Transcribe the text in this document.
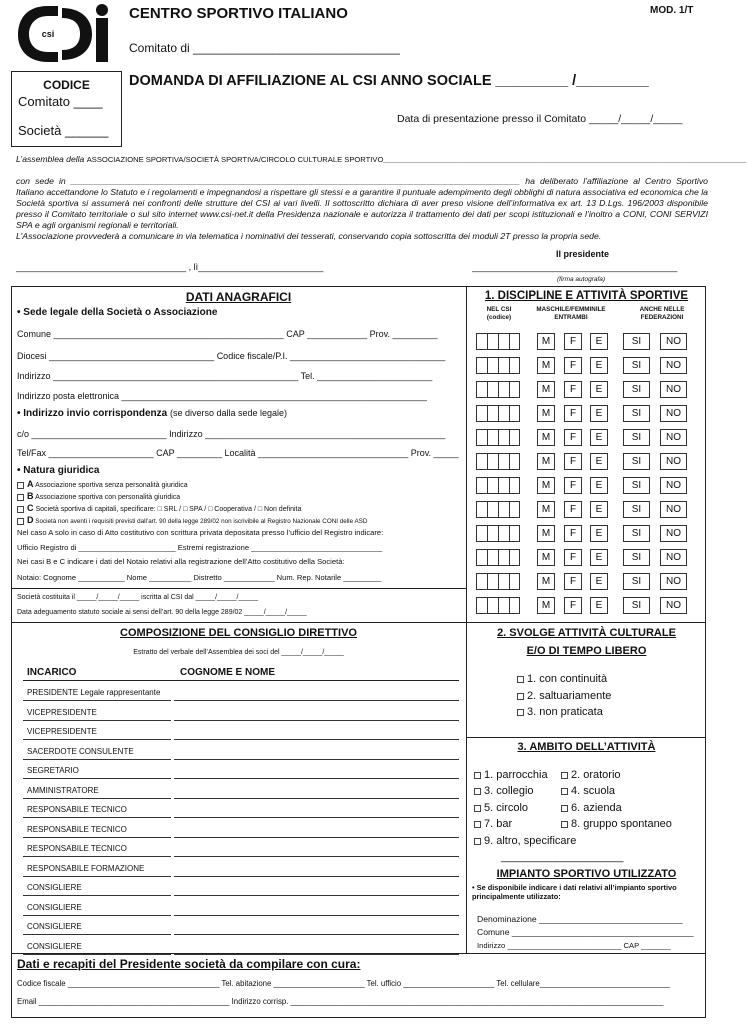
csi
CENTRO SPORTIVO ITALIANO	MOD. 1/T
Comitato di _______________________________
CODICE
Comitato ____
Società ______
DOMANDA DI AFFILIAZIONE AL CSI ANNO SOCIALE _________ /_________
Data di presentazione presso il Comitato _____/_____/_____
L’assemblea della ASSOCIAZIONE SPORTIVA/SOCIETÀ SPORTIVA/CIRCOLO CULTURALE SPORTIVO____________________________________________________________________________
con sede in _____________________________________________________________________________________________ ha deliberato l’affiliazione al Centro Sportivo Italiano accettandone lo Statuto e i regolamenti e impegnandosi a rispettare gli stessi e a garantire il puntuale adempimento degli obblighi di natura associativa ed economica che la Società sportiva si assumerà nei confronti delle strutture del CSI ai vari livelli. Il sottoscritto dichiara di aver preso visione dell’informativa ex art. 13 D.Lgs. 196/2003 disponibile presso il Comitato territoriale o sul sito internet www.csi-net.it della Presidenza nazionale e autorizza il trattamento dei dati per scopi istituzionali e l’inoltro a CONI, CONI SERVIZI SPA e agli organismi regionali e territoriali.
L’Associazione provvederà a comunicare in via telematica i nominativi dei tesserati, conservando copia sottoscritta dei moduli 2T presso la propria sede.
Il presidente
__________________________________ , lì_________________________	_________________________________________
(firma autografa)
DATI ANAGRAFICI
• Sede legale della Società o Associazione
Comune ______________________________________________ CAP ____________ Prov. _________
Diocesi _________________________________ Codice fiscale/P.I. _______________________________
Indirizzo _________________________________________________ Tel. _______________________
Indirizzo posta elettronica _____________________________________________________________
• Indirizzo invio corrispondenza (se diverso dalla sede legale)
c/o ___________________________ Indirizzo ________________________________________________
Tel/Fax _____________________ CAP _________ Località ______________________________ Prov. _____
• Natura giuridica
A Associazione sportiva senza personalità giuridica
B Associazione sportiva con personalità giuridica
C Società sportiva di capitali, specificare: □ SRL / □ SPA / □ Cooperativa / □ Non definita
D Società non aventi i requisiti previsti dall’art. 90 della legge 289/02 non iscrivibile al Registro Nazionale CONI delle ASD
Nel caso A solo in caso di Atto costitutivo con scrittura privata depositata presso l’ufficio del Registro indicare:
Ufficio Registro di _______________________ Estremi registrazione _______________________________
Nei casi B e C indicare i dati del Notaio relativi alla registrazione dell’Atto costitutivo della Società:
Notaio: Cognome ___________ Nome __________ Distretto ____________ Num. Rep. Notarile _________
Società costituita il _____/_____/_____ iscritta al CSI dal _____/_____/_____
Data adeguamento statuto sociale ai sensi dell’art. 90 della legge 289/02 _____/_____/_____
1. DISCIPLINE E ATTIVITÀ SPORTIVE
NEL CSI
(codice)
MASCHILE/FEMMINILE
ENTRAMBI
ANCHE NELLE
FEDERAZIONI
M	F	E	SI	NO
M	F	E	SI	NO
M	F	E	SI	NO
M	F	E	SI	NO
M	F	E	SI	NO
M	F	E	SI	NO
M	F	E	SI	NO
M	F	E	SI	NO
M	F	E	SI	NO
M	F	E	SI	NO
M	F	E	SI	NO
M	F	E	SI	NO
COMPOSIZIONE DEL CONSIGLIO DIRETTIVO
Estratto del verbale dell’Assemblea dei soci del _____/_____/_____
INCARICO	COGNOME E NOME
PRESIDENTE Legale rappresentante
VICEPRESIDENTE
VICEPRESIDENTE
SACERDOTE CONSULENTE
SEGRETARIO
AMMINISTRATORE
RESPONSABILE TECNICO
RESPONSABILE TECNICO
RESPONSABILE TECNICO
RESPONSABILE FORMAZIONE
CONSIGLIERE
CONSIGLIERE
CONSIGLIERE
CONSIGLIERE
2. SVOLGE ATTIVITÀ CULTURALE
E/O DI TEMPO LIBERO
1. con continuità
2. saltuariamente
3. non praticata
3. AMBITO DELL’ATTIVITÀ
1. parrocchia	2. oratorio
3. collegio	4. scuola
5. circolo	6. azienda
7. bar	8. gruppo spontaneo
9. altro, specificare
____________________
IMPIANTO SPORTIVO UTILIZZATO
• Se disponibile indicare i dati relativi all’impianto sportivo principalmente utilizzato:
Denominazione ______________________________
Comune ______________________________________
Indirizzo ___________________________ CAP _______
Dati e recapiti del Presidente società da compilare con cura:
Codice fiscale ___________________________________ Tel. abitazione _____________________ Tel. ufficio _____________________ Tel. cellulare______________________________
Email ____________________________________________ Indirizzo corrisp. ______________________________________________________________________________________
